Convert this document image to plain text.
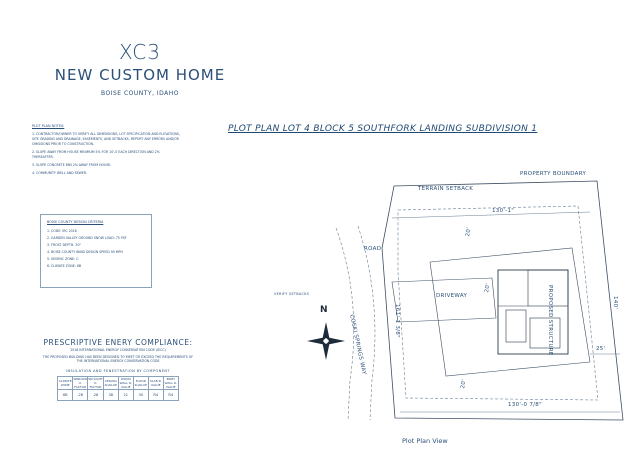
XC3
NEW CUSTOM HOME
BOISE COUNTY, IDAHO
PLOT PLAN NOTES:

1. CONTRACTOR/OWNER TO VERIFY ALL DIMENSIONS, LOT SPECIFICATION AND ELEVATIONS, SITE GRADING AND DRAINAGE, EASEMENTS, AND SETBACKS, REPORT ANY ERRORS AND/OR OMISSIONS PRIOR TO CONSTRUCTION.

2. SLOPE AWAY FROM HOUSE MINIMUM 5% FOR 10'-0 EACH DIRECTION AND 2% THEREAFTER.

3. SLOPE CONCRETE MIN 2% AWAY FROM HOUSE.

4. COMMUNITY WELL AND SEWER.

BOISE COUNTY DESIGN CRITERIA
1. CODE: IRC 2018
2. GARDEN VALLEY GROUND SNOW LOAD: 75 PSF
3. FROST DEPTH: 30"
4. BOISE COUNTY WIND DESIGN SPEED 90 MPH
5. SEISMIC ZONE: C
6. CLIMATE ZONE: 6B
PRESCRIPTIVE ENERY COMPLIANCE:
2018 INTERNATIONAL ENERGY CONSERVATION CODE (IECC)
THE PROPOSED BUILDING HAS BEEN DESIGNED TO MEET OR EXCEED THE REQUIREMENTS OF THE INTERNATIONAL ENERGY CONSERVATION CODE
INSULATION AND FENESTRATION BY COMPONENT
CLIMATE ZONE	WINDOW U-FACTOR	SKYLIGHT U-FACTOR	CEILING R-VALUE	WOOD WALL R-VALUE	FLOOR R-VALUE	SLAB R-VALUE	BSMT WALL R-VALUE
6B	.28	.28	38	21	30	R4	R4
PLOT PLAN LOT 4 BLOCK 5 SOUTHFORK LANDING SUBDIVISION 1
PROPERTY BOUNDARY
TERRAIN SETBACK
ROAD
COSKI SPRINGS WAY
DRIVEWAY	PROPOSED STRUCTURE
VERIFY SETBACKS
N
130'-1"
130'-0 7/8"
140'
161'-1 3/8"
20'
20'
25'
20'
Plot Plan View
